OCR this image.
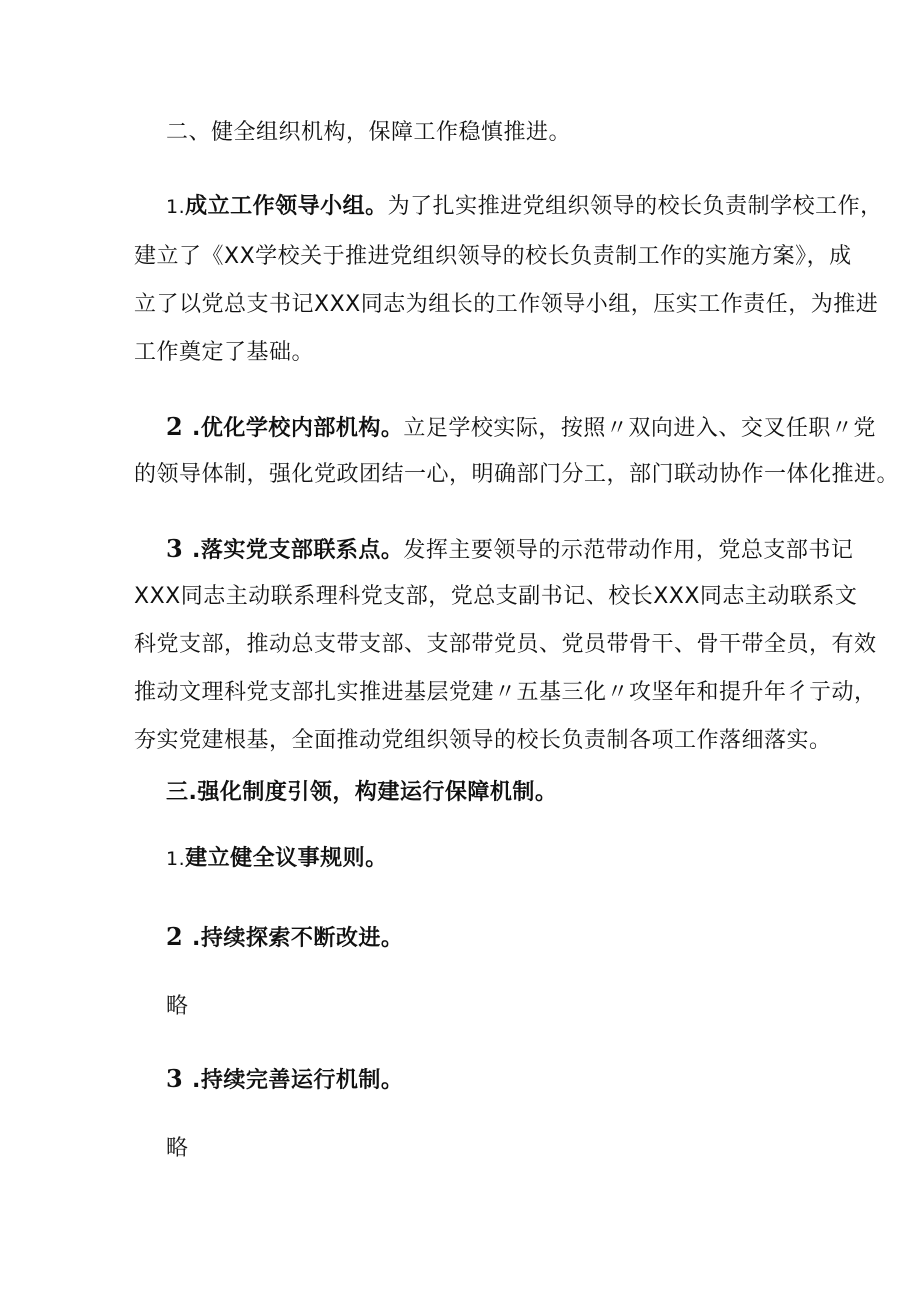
二、健全组织机构，保障工作稳慎推进。
1.成立工作领导小组。为了扎实推进党组织领导的校长负责制学校工作，
建立了《XX学校关于推进党组织领导的校长负责制工作的实施方案》，成
立了以党总支书记XXX同志为组长的工作领导小组，压实工作责任，为推进
工作奠定了基础。
2 .优化学校内部机构。立足学校实际，按照〃双向进入、交叉任职〃党
的领导体制，强化党政团结一心，明确部门分工，部门联动协作一体化推进。
3 .落实党支部联系点。发挥主要领导的示范带动作用，党总支部书记
XXX同志主动联系理科党支部，党总支副书记、校长XXX同志主动联系文
科党支部，推动总支带支部、支部带党员、党员带骨干、骨干带全员，有效
推动文理科党支部扎实推进基层党建〃五基三化〃攻坚年和提升年彳亍动，
夯实党建根基，全面推动党组织领导的校长负责制各项工作落细落实。
三.强化制度引领，构建运行保障机制。
1.建立健全议事规则。
2 .持续探索不断改进。
略
3 .持续完善运行机制。
略
